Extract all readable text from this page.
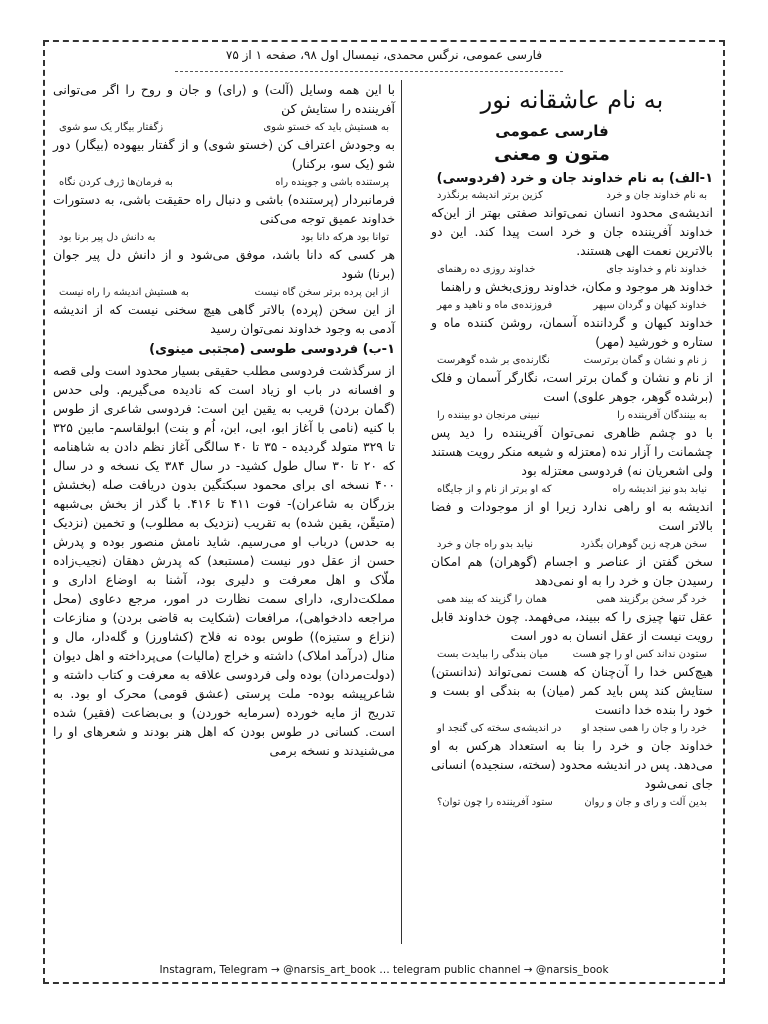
فارسی عمومی، نرگس محمدی، نیمسال اول ۹۸، صفحه ۱ از ۷۵
به نام عاشقانه نور
فارسی عمومی
متون و معنی
۱-الف) به نام خداوند جان و خرد (فردوسی)
به نام خداوند جان و خرد
کزین برتر اندیشه برنگذرد
اندیشه‌ی محدود انسان نمی‌تواند صفتی بهتر از این‌که خداوند آفریننده جان و خرد است پیدا کند. این دو بالاترین نعمت الهی هستند.
خداوند نام و خداوند جای
خداوند روزی ده رهنمای
خداوند هر موجود و مکان، خداوند روزی‌بخش و راهنما
خداوند کیهان و گردان سپهر
فروزنده‌ی ماه و ناهید و مهر
خداوند کیهان و گرداننده آسمان، روشن کننده ماه و ستاره و خورشید (مهر)
ز نام و نشان و گمان برترست
نگارنده‌ی بر شده گوهرست
از نام و نشان و گمان برتر است، نگارگر آسمان و فلک (برشده گوهر، جوهر علوی) است
به بینندگان آفریننده را
نبینی مرنجان دو بیننده را
با دو چشم ظاهری نمی‌توان آفریننده را دید پس چشمانت را آزار نده (معتزله و شیعه منکر رویت هستند ولی اشعریان نه) فردوسی معتزله بود
نیابد بدو نیز اندیشه راه
که او برتر از نام و از جایگاه
اندیشه به او راهی ندارد زیرا او از موجودات و فضا بالاتر است
سخن هرچه زین گوهران بگذرد
نیابد بدو راه جان و خرد
سخن گفتن از عناصر و اجسام (گوهران) هم امکان رسیدن جان و خرد را به او نمی‌دهد
خرد گر سخن برگزیند همی
همان را گزیند که بیند همی
عقل تنها چیزی را که ببیند، می‌فهمد. چون خداوند قابل رویت نیست از عقل انسان به دور است
ستودن نداند کس او را چو هست
میان بندگی را ببایدت بست
هیچ‌کس خدا را آن‌چنان که هست نمی‌تواند (ندانستن) ستایش کند پس باید کمر (میان) به بندگی او بست و خود را بنده خدا دانست
خرد را و جان را همی سنجد او
در اندیشه‌ی سخته کی گنجد او
خداوند جان و خرد را بنا به استعداد هرکس به او می‌دهد. پس در اندیشه محدود (سخته، سنجیده) انسانی جای نمی‌شود
بدین آلت و رای و جان و روان
ستود آفریننده را چون توان؟
با این همه وسایل (آلت) و (رای) و جان و روح را اگر می‌توانی آفریننده را ستایش کن
به هستیش باید که خستو شوی
زگفتار بیگار یک سو شوی
به وجودش اعتراف کن (خستو شوی) و از گفتار بیهوده (بیگار) دور شو (یک سو، برکنار)
پرستنده باشی و جوینده راه
به فرمان‌ها ژرف کردن نگاه
فرمانبردار (پرستنده) باشی و دنبال راه حقیقت باشی، به دستورات خداوند عمیق توجه می‌کنی
توانا بود هرکه دانا بود
به دانش دل پیر برنا بود
هر کسی که دانا باشد، موفق می‌شود و از دانش دل پیر جوان (برنا) شود
از این پرده برتر سخن گاه نیست
به هستیش اندیشه را راه نیست
از این سخن (پرده) بالاتر گاهی هیچ سخنی نیست که از اندیشه آدمی به وجود خداوند نمی‌توان رسید
۱-ب) فردوسی طوسی (مجتبی مینوی)
از سرگذشت فردوسی مطلب حقیقی بسیار محدود است ولی قصه و افسانه در باب او زیاد است که نادیده می‌گیریم. ولی حدس (گمان بردن) قریب به یقین این است: فردوسی شاعری از طوس با کنیه (نامی با آغاز ابو، ابی، ابن، اُم و بنت) ابولقاسم- مابین ۳۲۵ تا ۳۲۹ متولد گردیده - ۳۵ تا ۴۰ سالگی آغاز نظم دادن به شاهنامه که ۲۰ تا ۳۰ سال طول کشید- در سال ۳۸۴ یک نسخه و در سال ۴۰۰ نسخه ای برای محمود سبکتگین بدون دریافت صله (بخشش بزرگان به شاعران)- فوت ۴۱۱ تا ۴۱۶. با گذر از بخش بی‌شبهه (متیقّن، یقین شده) به تقریب (نزدیک به مطلوب) و تخمین (نزدیک به حدس) درباب او می‌رسیم. شاید نامش منصور بوده و پدرش حسن از عقل دور نیست (مستبعد) که پدرش دهقان (نجیب‌زاده ملّاک و اهل معرفت و دلیری بود، آشنا به اوضاع اداری و مملکت‌داری، دارای سمت نظارت در امور، مرجع دعاوی (محل مراجعه دادخواهی)، مرافعات (شکایت به قاضی بردن) و منازعات (نزاع و ستیزه)) طوس بوده نه فلاح (کشاورز) و گله‌دار، مال و منال (درآمد املاک) داشته و خراج (مالیات) می‌پرداخته و اهل دیوان (دولت‌مردان) بوده ولی فردوسی علاقه به معرفت و کتاب داشته و شاعرپیشه بوده- ملت پرستی (عشق قومی) محرک او بود. به تدریج از مایه خورده (سرمایه خوردن) و بی‌بضاعت (فقیر) شده است. کسانی در طوس بودن که اهل هنر بودند و شعرهای او را می‌شنیدند و نسخه برمی‌
Instagram, Telegram → @narsis_art_book … telegram public channel → @narsis_book
